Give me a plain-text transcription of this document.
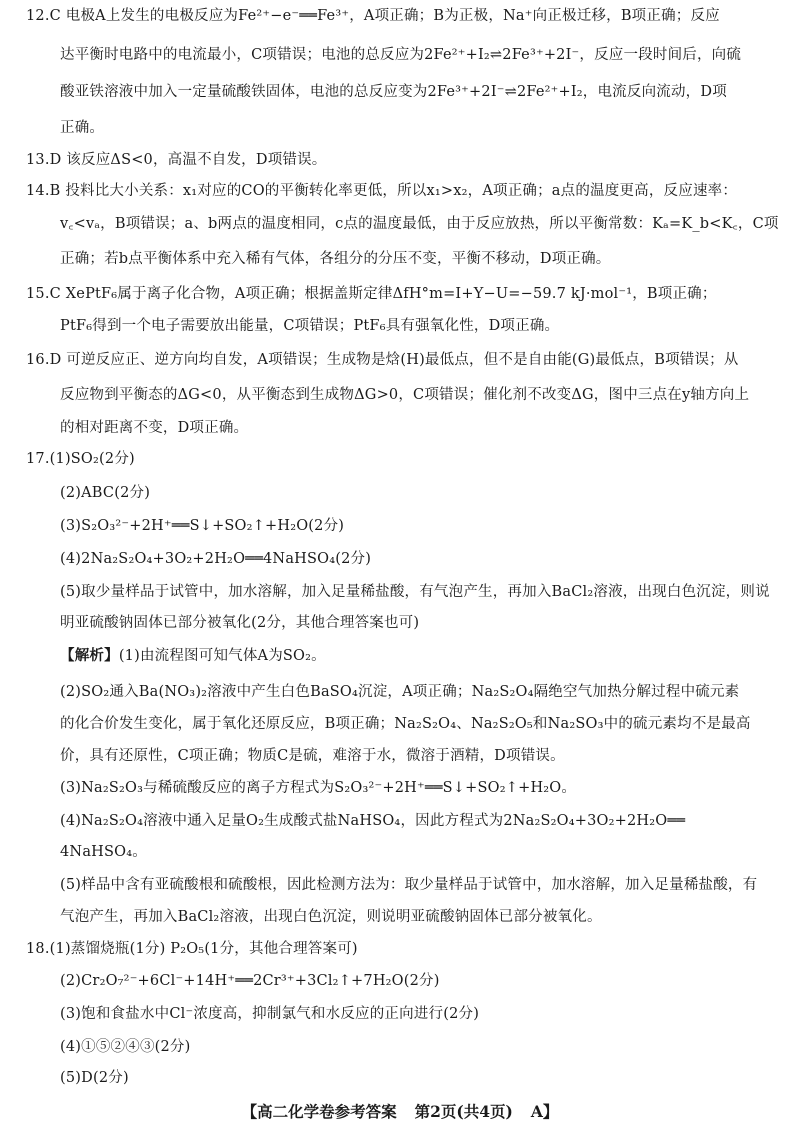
12.C 电极A上发生的电极反应为Fe²⁺−e⁻══Fe³⁺，A项正确；B为正极，Na⁺向正极迁移，B项正确；反应
达平衡时电路中的电流最小，C项错误；电池的总反应为2Fe²⁺+I₂⇌2Fe³⁺+2I⁻，反应一段时间后，向硫
酸亚铁溶液中加入一定量硫酸铁固体，电池的总反应变为2Fe³⁺+2I⁻⇌2Fe²⁺+I₂，电流反向流动，D项
正确。
13.D 该反应ΔS<0，高温不自发，D项错误。
14.B 投料比大小关系：x₁对应的CO的平衡转化率更低，所以x₁>x₂，A项正确；a点的温度更高，反应速率：
v꜀<vₐ，B项错误；a、b两点的温度相同，c点的温度最低，由于反应放热，所以平衡常数：Kₐ=K_b<K꜀，C项
正确；若b点平衡体系中充入稀有气体，各组分的分压不变，平衡不移动，D项正确。
15.C XePtF₆属于离子化合物，A项正确；根据盖斯定律ΔfH°m=I+Y−U=−59.7 kJ·mol⁻¹，B项正确；
PtF₆得到一个电子需要放出能量，C项错误；PtF₆具有强氧化性，D项正确。
16.D 可逆反应正、逆方向均自发，A项错误；生成物是焓(H)最低点，但不是自由能(G)最低点，B项错误；从
反应物到平衡态的ΔG<0，从平衡态到生成物ΔG>0，C项错误；催化剂不改变ΔG，图中三点在y轴方向上
的相对距离不变，D项正确。
17.(1)SO₂(2分)
(2)ABC(2分)
(3)S₂O₃²⁻+2H⁺══S↓+SO₂↑+H₂O(2分)
(4)2Na₂S₂O₄+3O₂+2H₂O══4NaHSO₄(2分)
(5)取少量样品于试管中，加水溶解，加入足量稀盐酸，有气泡产生，再加入BaCl₂溶液，出现白色沉淀，则说
明亚硫酸钠固体已部分被氧化(2分，其他合理答案也可)
【解析】(1)由流程图可知气体A为SO₂。
(2)SO₂通入Ba(NO₃)₂溶液中产生白色BaSO₄沉淀，A项正确；Na₂S₂O₄隔绝空气加热分解过程中硫元素
的化合价发生变化，属于氧化还原反应，B项正确；Na₂S₂O₄、Na₂S₂O₅和Na₂SO₃中的硫元素均不是最高
价，具有还原性，C项正确；物质C是硫，难溶于水，微溶于酒精，D项错误。
(3)Na₂S₂O₃与稀硫酸反应的离子方程式为S₂O₃²⁻+2H⁺══S↓+SO₂↑+H₂O。
(4)Na₂S₂O₄溶液中通入足量O₂生成酸式盐NaHSO₄，因此方程式为2Na₂S₂O₄+3O₂+2H₂O══
4NaHSO₄。
(5)样品中含有亚硫酸根和硫酸根，因此检测方法为：取少量样品于试管中，加水溶解，加入足量稀盐酸，有
气泡产生，再加入BaCl₂溶液，出现白色沉淀，则说明亚硫酸钠固体已部分被氧化。
18.(1)蒸馏烧瓶(1分) P₂O₅(1分，其他合理答案可)
(2)Cr₂O₇²⁻+6Cl⁻+14H⁺══2Cr³⁺+3Cl₂↑+7H₂O(2分)
(3)饱和食盐水中Cl⁻浓度高，抑制氯气和水反应的正向进行(2分)
(4)①⑤②④③(2分)
(5)D(2分)
【高二化学卷参考答案 第2页(共4页) A】
